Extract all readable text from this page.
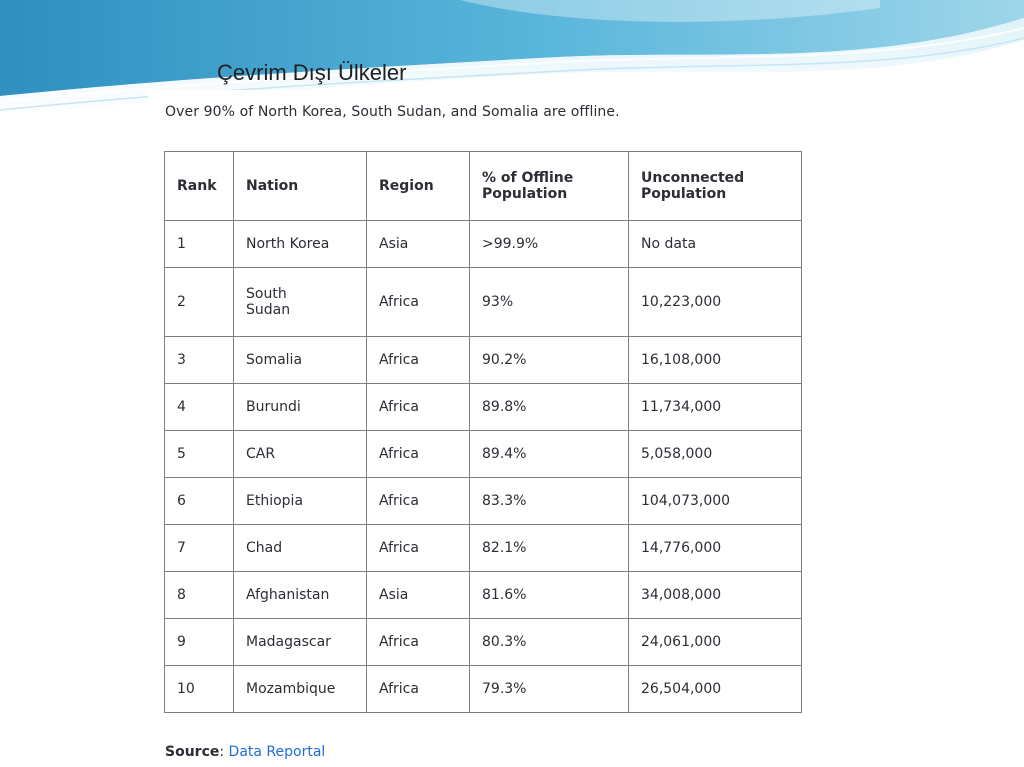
Çevrim Dışı Ülkeler
Over 90% of North Korea, South Sudan, and Somalia are offline.
Rank	Nation	Region	% of Offline Population	Unconnected Population
1	North Korea	Asia	>99.9%	No data
2	South Sudan	Africa	93%	10,223,000
3	Somalia	Africa	90.2%	16,108,000
4	Burundi	Africa	89.8%	11,734,000
5	CAR	Africa	89.4%	5,058,000
6	Ethiopia	Africa	83.3%	104,073,000
7	Chad	Africa	82.1%	14,776,000
8	Afghanistan	Asia	81.6%	34,008,000
9	Madagascar	Africa	80.3%	24,061,000
10	Mozambique	Africa	79.3%	26,504,000
Source: Data Reportal
